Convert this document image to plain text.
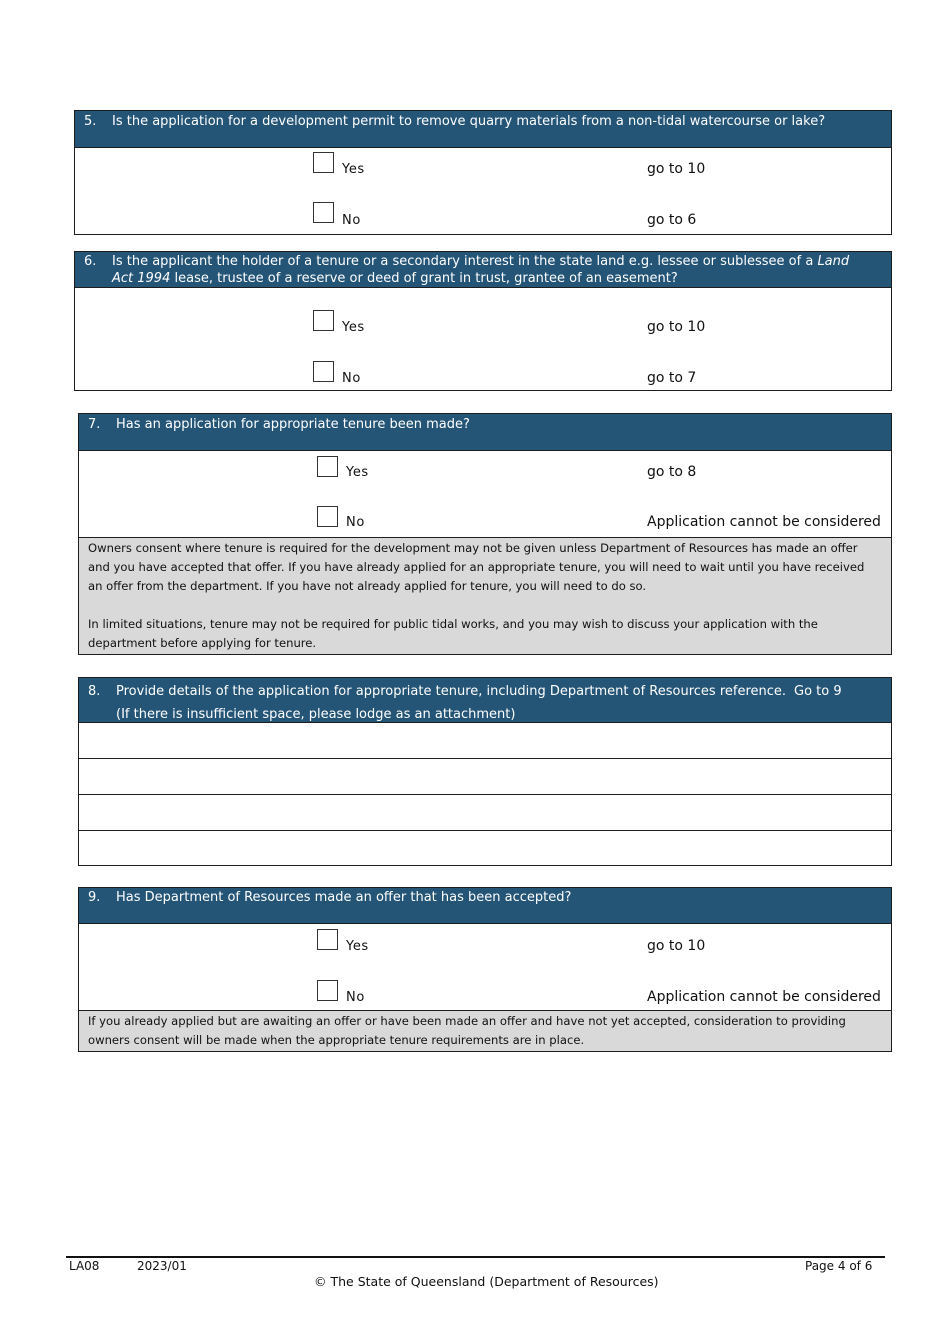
5. Is the application for a development permit to remove quarry materials from a non-tidal watercourse or lake?
Yes	go to 10
No	go to 6
6. Is the applicant the holder of a tenure or a secondary interest in the state land e.g. lessee or sublessee of a Land Act 1994 lease, trustee of a reserve or deed of grant in trust, grantee of an easement?
Yes	go to 10
No	go to 7
7. Has an application for appropriate tenure been made?
Yes	go to 8
No	Application cannot be considered
Owners consent where tenure is required for the development may not be given unless Department of Resources has made an offer and you have accepted that offer. If you have already applied for an appropriate tenure, you will need to wait until you have received an offer from the department. If you have not already applied for tenure, you will need to do so.
In limited situations, tenure may not be required for public tidal works, and you may wish to discuss your application with the department before applying for tenure.
8. Provide details of the application for appropriate tenure, including Department of Resources reference. Go to 9
(If there is insufficient space, please lodge as an attachment)
9. Has Department of Resources made an offer that has been accepted?
Yes	go to 10
No	Application cannot be considered
If you already applied but are awaiting an offer or have been made an offer and have not yet accepted, consideration to providing owners consent will be made when the appropriate tenure requirements are in place.
LA08	2023/01	Page 4 of 6
© The State of Queensland (Department of Resources)
